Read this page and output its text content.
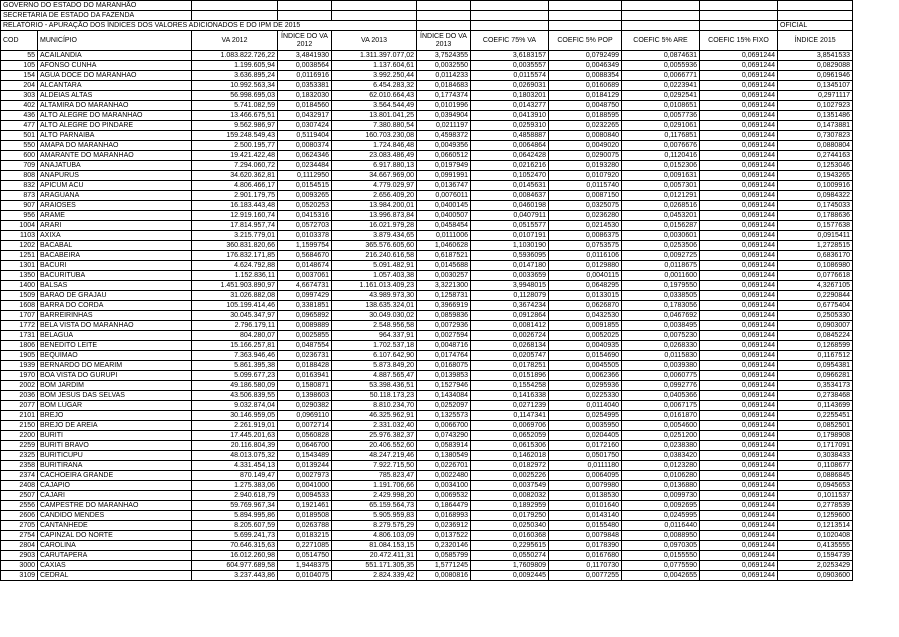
GOVERNO DO ESTADO DO MARANHÃO										
SECRETARIA DE ESTADO DA FAZENDA										
RELATÓRIO - APURAÇÃO DOS ÍNDICES DOS VALORES ADICIONADOS E DO IPM DE 2015										OFICIAL
COD	MUNICÍPIO	VA 2012	ÍNDICE DO VA 2012	VA 2013	ÍNDICE DO VA 2013	COEFIC 75% VA	COEFIC 5% POP	COEFIC 5% ARE	COEFIC 15% FIXO	ÍNDICE 2015
55	ACAILANDIA	1.083.822.726,22	3,4841930	1.311.397.077,02	3,7524355	3,6183157	0,0792499	0,0874631	0,0691244	3,8541533
105	AFONSO CUNHA	1.199.605,94	0,0038564	1.137.604,61	0,0032550	0,0035557	0,0046349	0,0055936	0,0691244	0,0829088
154	AGUA DOCE DO MARANHAO	3.636.895,24	0,0116916	3.992.250,44	0,0114233	0,0115574	0,0088354	0,0066771	0,0691244	0,0961946
204	ALCANTARA	10.992.563,34	0,0353381	6.454.283,32	0,0184683	0,0269031	0,0160689	0,0223941	0,0691244	0,1345107
303	ALDEIAS ALTAS	56.998.695,03	0,1832030	62.010.664,43	0,1774374	0,1803201	0,0184129	0,0292541	0,0691244	0,2971117
402	ALTAMIRA DO MARANHAO	5.741.082,59	0,0184560	3.564.544,49	0,0101996	0,0143277	0,0048750	0,0108651	0,0691244	0,1027923
436	ALTO ALEGRE DO MARANHAO	13.466.675,51	0,0432917	13.801.041,25	0,0394904	0,0413910	0,0188595	0,0057736	0,0691244	0,1351486
477	ALTO ALEGRE DO PINDARE	9.562.986,97	0,0307424	7.380.880,54	0,0211197	0,0259310	0,0232265	0,0291061	0,0691244	0,1473881
501	ALTO PARNAIBA	159.248.549,43	0,5119404	160.703.230,08	0,4598372	0,4858887	0,0080840	0,1176851	0,0691244	0,7307823
550	AMAPA DO MARANHAO	2.500.195,77	0,0080374	1.724.846,48	0,0049356	0,0064864	0,0049020	0,0076676	0,0691244	0,0880804
600	AMARANTE DO MARANHAO	19.421.422,48	0,0624346	23.083.486,49	0,0660512	0,0642428	0,0290075	0,1120416	0,0691244	0,2744163
709	ANAJATUBA	7.294.060,72	0,0234484	6.917.880,13	0,0197949	0,0216216	0,0193280	0,0152306	0,0691244	0,1253046
808	ANAPURUS	34.620.362,81	0,1112950	34.667.969,00	0,0991991	0,1052470	0,0107920	0,0091631	0,0691244	0,1943265
832	APICUM ACU	4.806.466,17	0,0154515	4.779.029,97	0,0136747	0,0145631	0,0115740	0,0057301	0,0691244	0,1009916
873	ARAGUANA	2.901.179,75	0,0093265	2.656.409,20	0,0076011	0,0084637	0,0087150	0,0121291	0,0691244	0,0984322
907	ARAIOSES	16.183.443,48	0,0520253	13.984.200,01	0,0400145	0,0460198	0,0325075	0,0268516	0,0691244	0,1745033
956	ARAME	12.919.160,74	0,0415316	13.996.873,84	0,0400507	0,0407911	0,0236280	0,0453201	0,0691244	0,1788636
1004	ARARI	17.814.957,74	0,0572703	16.021.979,28	0,0458454	0,0515577	0,0214530	0,0156287	0,0691244	0,1577638
1103	AXIXA	3.215.779,01	0,0103378	3.879.434,65	0,0111006	0,0107191	0,0086375	0,0030601	0,0691244	0,0915411
1202	BACABAL	360.831.820,66	1,1599754	365.576.605,60	1,0460628	1,1030190	0,0753575	0,0253506	0,0691244	1,2728515
1251	BACABEIRA	176.832.171,85	0,5684670	216.240.616,58	0,6187521	0,5936095	0,0116106	0,0092725	0,0691244	0,6836170
1301	BACURI	4.624.792,88	0,0148674	5.091.482,91	0,0145688	0,0147180	0,0129880	0,0118675	0,0691244	0,1086980
1350	BACURITUBA	1.152.836,11	0,0037061	1.057.403,38	0,0030257	0,0033659	0,0040115	0,0011600	0,0691244	0,0776618
1400	BALSAS	1.451.903.890,97	4,6674731	1.161.013.409,23	3,3221300	3,9948015	0,0648295	0,1979550	0,0691244	4,3267105
1509	BARAO DE GRAJAU	31.026.882,08	0,0997429	43.989.973,30	0,1258731	0,1128079	0,0133015	0,0338505	0,0691244	0,2290844
1608	BARRA DO CORDA	105.199.414,46	0,3381851	138.635.324,01	0,3966919	0,3674234	0,0626870	0,1783056	0,0691244	0,6775404
1707	BARREIRINHAS	30.045.347,97	0,0965892	30.049.030,02	0,0859836	0,0912864	0,0432530	0,0467692	0,0691244	0,2505330
1772	BELA VISTA DO MARANHAO	2.796.179,11	0,0089889	2.548.956,58	0,0072936	0,0081412	0,0091855	0,0038495	0,0691244	0,0903007
1731	BELAGUA	804.280,07	0,0025855	964.337,91	0,0027594	0,0026724	0,0052025	0,0075230	0,0691244	0,0845224
1806	BENEDITO LEITE	15.166.257,81	0,0487554	1.702.537,18	0,0048716	0,0268134	0,0040935	0,0268330	0,0691244	0,1268599
1905	BEQUIMAO	7.363.946,46	0,0236731	6.107.642,90	0,0174764	0,0205747	0,0154690	0,0115830	0,0691244	0,1167512
1939	BERNARDO DO MEARIM	5.861.395,38	0,0188428	5.873.849,20	0,0168075	0,0178251	0,0045505	0,0039380	0,0691244	0,0954381
1970	BOA VISTA DO GURUPI	5.099.677,23	0,0163941	4.887.565,47	0,0139853	0,0151896	0,0062366	0,0060775	0,0691244	0,0966281
2002	BOM JARDIM	49.186.580,09	0,1580871	53.398.436,51	0,1527946	0,1554258	0,0295936	0,0992776	0,0691244	0,3534173
2036	BOM JESUS DAS SELVAS	43.506.839,55	0,1398603	50.118.173,23	0,1434084	0,1416338	0,0225330	0,0405366	0,0691244	0,2738468
2077	BOM LUGAR	9.032.874,04	0,0290382	8.810.234,70	0,0252097	0,0271239	0,0114040	0,0067175	0,0691244	0,1143699
2101	BREJO	30.146.959,05	0,0969110	46.325.962,91	0,1325573	0,1147341	0,0254995	0,0161870	0,0691244	0,2255451
2150	BREJO DE AREIA	2.261.919,01	0,0072714	2.331.032,40	0,0066700	0,0069706	0,0035950	0,0054600	0,0691244	0,0852501
2200	BURITI	17.445.201,63	0,0560828	25.976.382,37	0,0743290	0,0652059	0,0204405	0,0251200	0,0691244	0,1798908
2259	BURITI BRAVO	20.116.804,39	0,0646700	20.406.552,60	0,0583914	0,0615306	0,0172160	0,0238380	0,0691244	0,1717091
2325	BURITICUPU	48.013.075,32	0,1543489	48.247.219,46	0,1380549	0,1462018	0,0501750	0,0383420	0,0691244	0,3038433
2358	BURITIRANA	4.331.454,13	0,0139244	7.922.715,50	0,0226701	0,0182972	0,0111180	0,0123280	0,0691244	0,1108677
2374	CACHOEIRA GRANDE	870.149,47	0,0027973	785.823,47	0,0022480	0,0025226	0,0064095	0,0106280	0,0691244	0,0886845
2408	CAJAPIO	1.275.383,06	0,0041000	1.191.706,66	0,0034100	0,0037549	0,0079980	0,0136880	0,0691244	0,0945653
2507	CAJARI	2.940.618,79	0,0094533	2.429.998,20	0,0069532	0,0082032	0,0138530	0,0099730	0,0691244	0,1011537
2556	CAMPESTRE DO MARANHAO	59.769.967,34	0,1921461	65.159.564,73	0,1864479	0,1892959	0,0101640	0,0092695	0,0691244	0,2778539
2606	CANDIDO MENDES	5.894.995,86	0,0189508	5.905.959,83	0,0168993	0,0179250	0,0143140	0,0245995	0,0691244	0,1259600
2705	CANTANHEDE	8.205.607,59	0,0263788	8.279.575,29	0,0236912	0,0250340	0,0155480	0,0116440	0,0691244	0,1213514
2754	CAPINZAL DO NORTE	5.699.241,73	0,0183215	4.806.103,09	0,0137522	0,0160368	0,0079848	0,0088950	0,0691244	0,1020408
2804	CAROLINA	70.646.315,63	0,2271085	81.084.153,15	0,2320146	0,2295615	0,0178390	0,0970305	0,0691244	0,4135555
2903	CARUTAPERA	16.012.260,98	0,0514750	20.472.411,31	0,0585799	0,0550274	0,0167680	0,0155550	0,0691244	0,1594739
3000	CAXIAS	604.977.689,58	1,9448375	551.171.305,35	1,5771245	1,7609809	0,1170730	0,0775590	0,0691244	2,0253429
3109	CEDRAL	3.237.443,86	0,0104075	2.824.339,42	0,0080816	0,0092445	0,0077255	0,0042655	0,0691244	0,0903600
